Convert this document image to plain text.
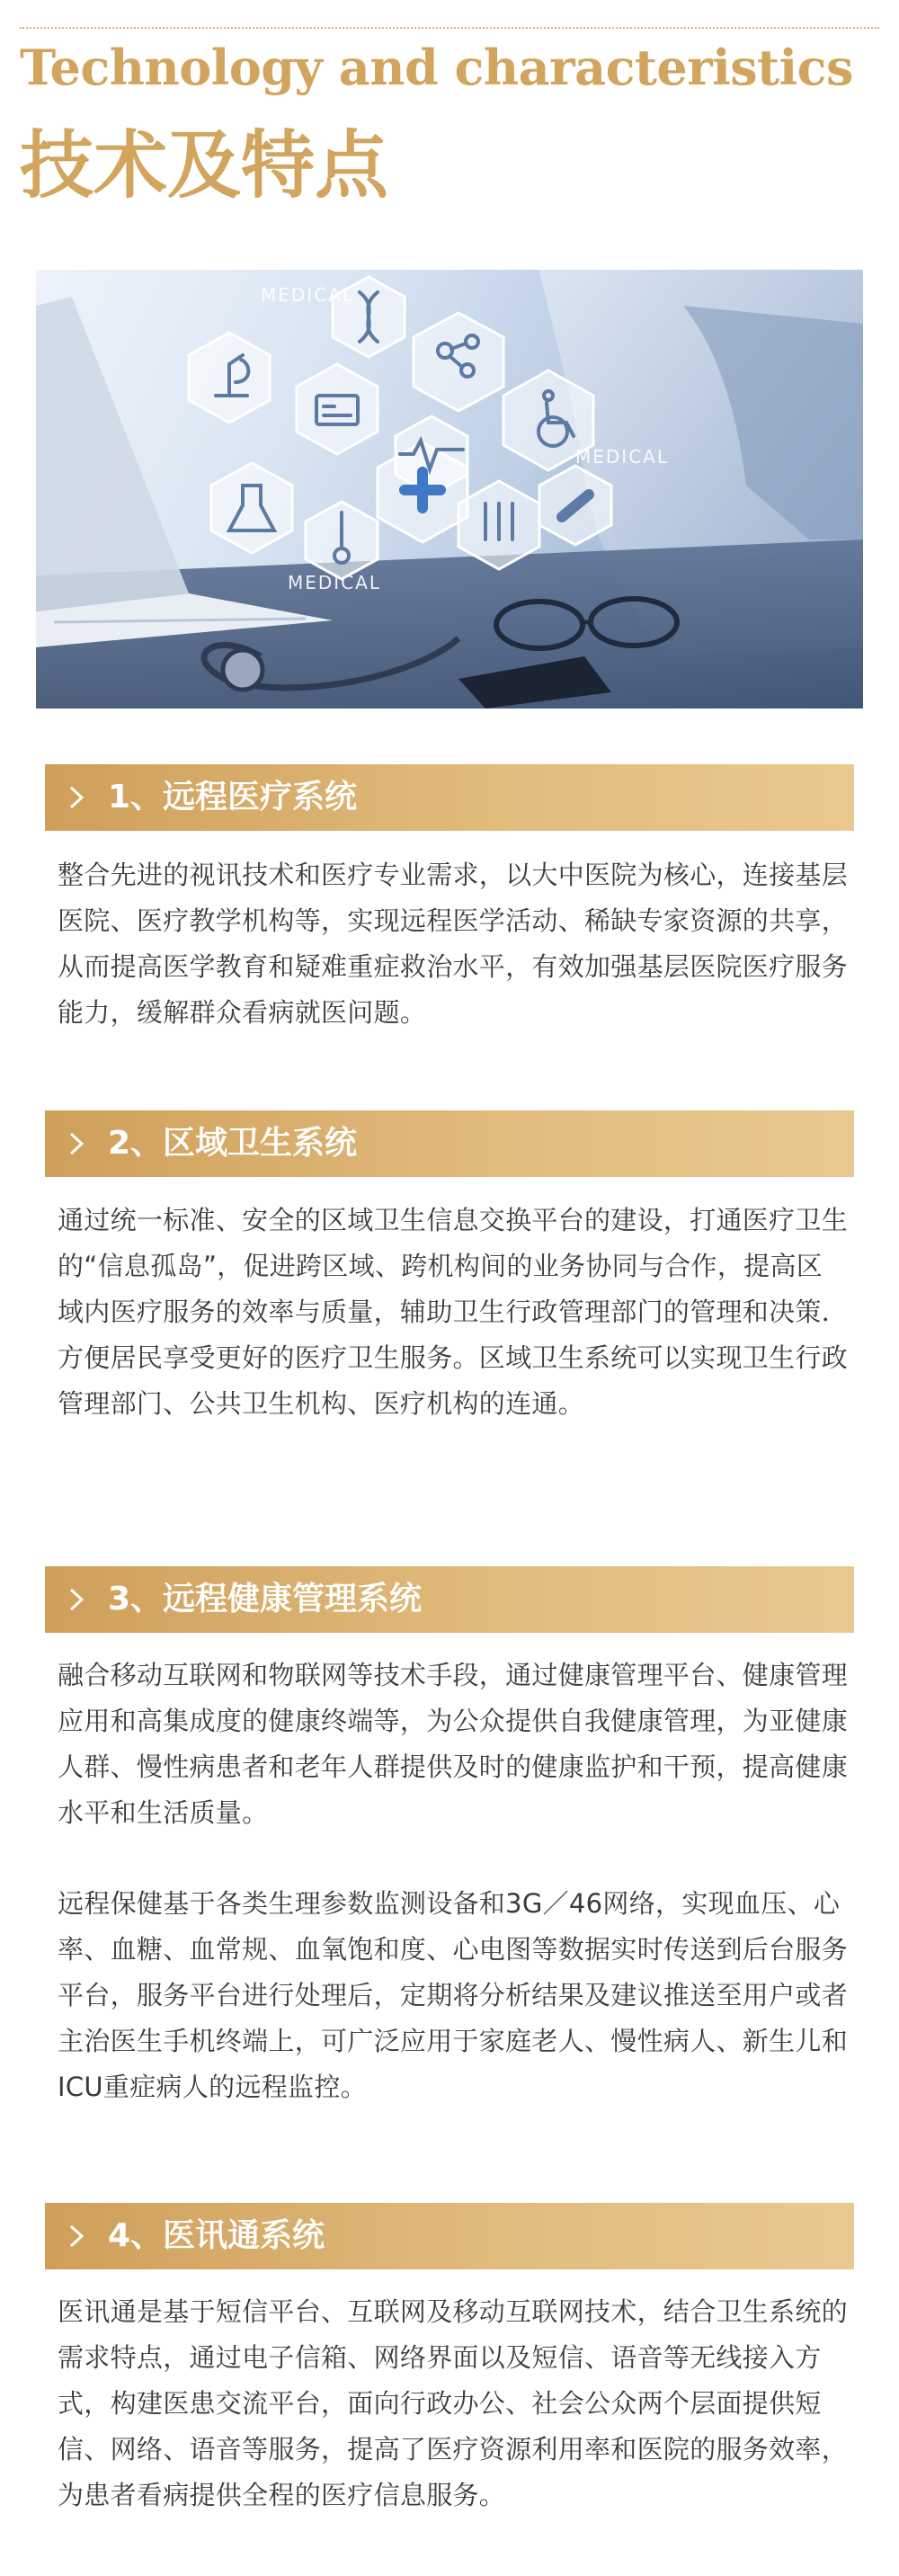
Technology and characteristics
技术及特点
MEDICAL
MEDICAL
MEDICAL
1、远程医疗系统
整合先进的视讯技术和医疗专业需求，以大中医院为核心，连接基层医院、医疗教学机构等，实现远程医学活动、稀缺专家资源的共享，从而提高医学教育和疑难重症救治水平，有效加强基层医院医疗服务能力，缓解群众看病就医问题。
2、区域卫生系统
通过统一标准、安全的区域卫生信息交换平台的建设，打通医疗卫生的“信息孤岛”，促进跨区域、跨机构间的业务协同与合作，提高区域内医疗服务的效率与质量，辅助卫生行政管理部门的管理和决策．方便居民享受更好的医疗卫生服务。区域卫生系统可以实现卫生行政管理部门、公共卫生机构、医疗机构的连通。
3、远程健康管理系统
融合移动互联网和物联网等技术手段，通过健康管理平台、健康管理应用和高集成度的健康终端等，为公众提供自我健康管理，为亚健康人群、慢性病患者和老年人群提供及时的健康监护和干预，提高健康水平和生活质量。
远程保健基于各类生理参数监测设备和3G／46网络，实现血压、心率、血糖、血常规、血氧饱和度、心电图等数据实时传送到后台服务平台，服务平台进行处理后，定期将分析结果及建议推送至用户或者主治医生手机终端上，可广泛应用于家庭老人、慢性病人、新生儿和ICU重症病人的远程监控。
4、医讯通系统
医讯通是基于短信平台、互联网及移动互联网技术，结合卫生系统的需求特点，通过电子信箱、网络界面以及短信、语音等无线接入方式，构建医患交流平台，面向行政办公、社会公众两个层面提供短信、网络、语音等服务，提高了医疗资源利用率和医院的服务效率，为患者看病提供全程的医疗信息服务。
